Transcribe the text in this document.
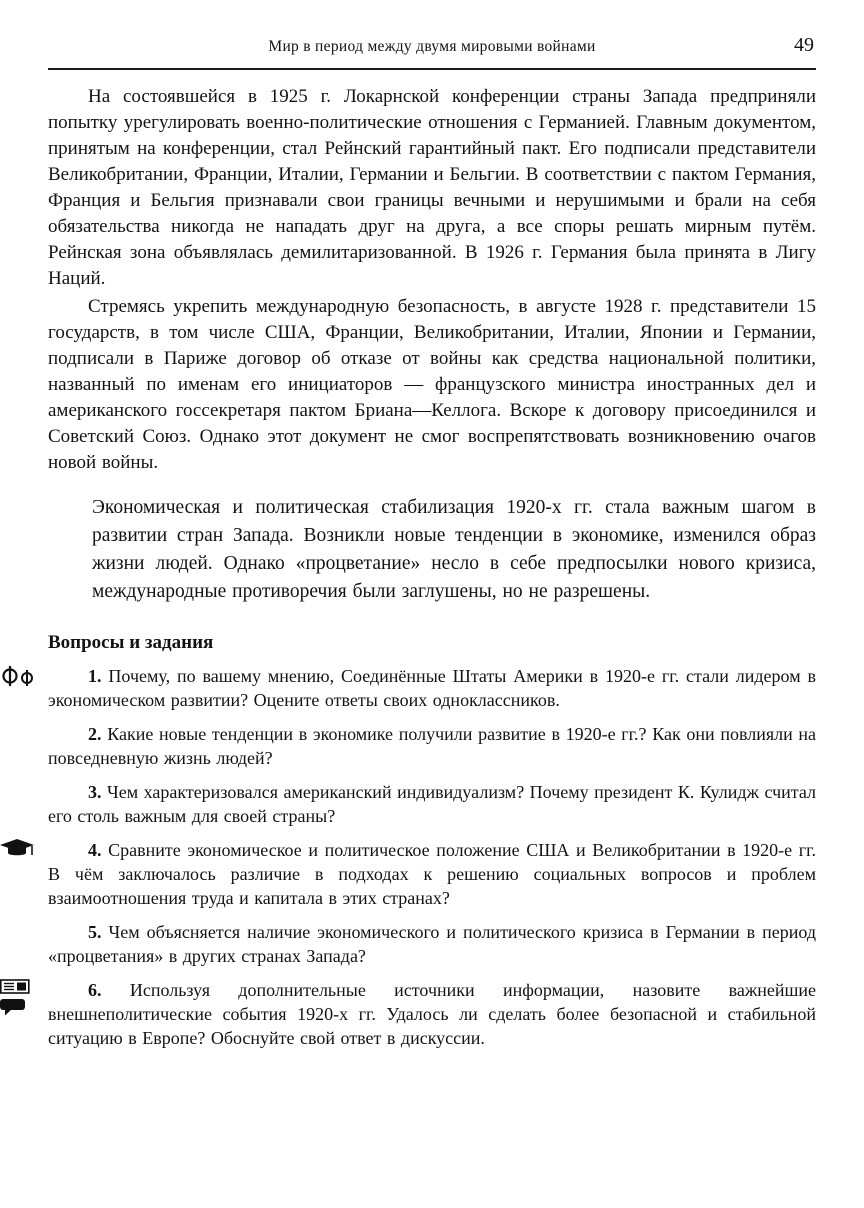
Мир в период между двумя мировыми войнами	49

На состоявшейся в 1925 г. Локарнской конференции страны Запада предприняли попытку урегулировать военно-политические отношения с Германией. Главным документом, принятым на конференции, стал Рейнский гарантийный пакт. Его подписали представители Великобритании, Франции, Италии, Германии и Бельгии. В соответствии с пактом Германия, Франция и Бельгия признавали свои границы вечными и нерушимыми и брали на себя обязательства никогда не нападать друг на друга, а все споры решать мирным путём. Рейнская зона объявлялась демилитаризованной. В 1926 г. Германия была принята в Лигу Наций.

Стремясь укрепить международную безопасность, в августе 1928 г. представители 15 государств, в том числе США, Франции, Великобритании, Италии, Японии и Германии, подписали в Париже договор об отказе от войны как средства национальной политики, названный по именам его инициаторов — французского министра иностранных дел и американского госсекретаря пактом Бриана—Келлога. Вскоре к договору присоединился и Советский Союз. Однако этот документ не смог воспрепятствовать возникновению очагов новой войны.

Экономическая и политическая стабилизация 1920-х гг. стала важным шагом в развитии стран Запада. Возникли новые тенденции в экономике, изменился образ жизни людей. Однако «процветание» несло в себе предпосылки нового кризиса, международные противоречия были заглушены, но не разрешены.

Вопросы и задания
1. Почему, по вашему мнению, Соединённые Штаты Америки в 1920-е гг. стали лидером в экономическом развитии? Оцените ответы своих одноклассников.
2. Какие новые тенденции в экономике получили развитие в 1920-е гг.? Как они повлияли на повседневную жизнь людей?
3. Чем характеризовался американский индивидуализм? Почему президент К. Кулидж считал его столь важным для своей страны?
4. Сравните экономическое и политическое положение США и Великобритании в 1920-е гг. В чём заключалось различие в подходах к решению социальных вопросов и проблем взаимоотношения труда и капитала в этих странах?
5. Чем объясняется наличие экономического и политического кризиса в Германии в период «процветания» в других странах Запада?
6. Используя дополнительные источники информации, назовите важнейшие внешнеполитические события 1920-х гг. Удалось ли сделать более безопасной и стабильной ситуацию в Европе? Обоснуйте свой ответ в дискуссии.
